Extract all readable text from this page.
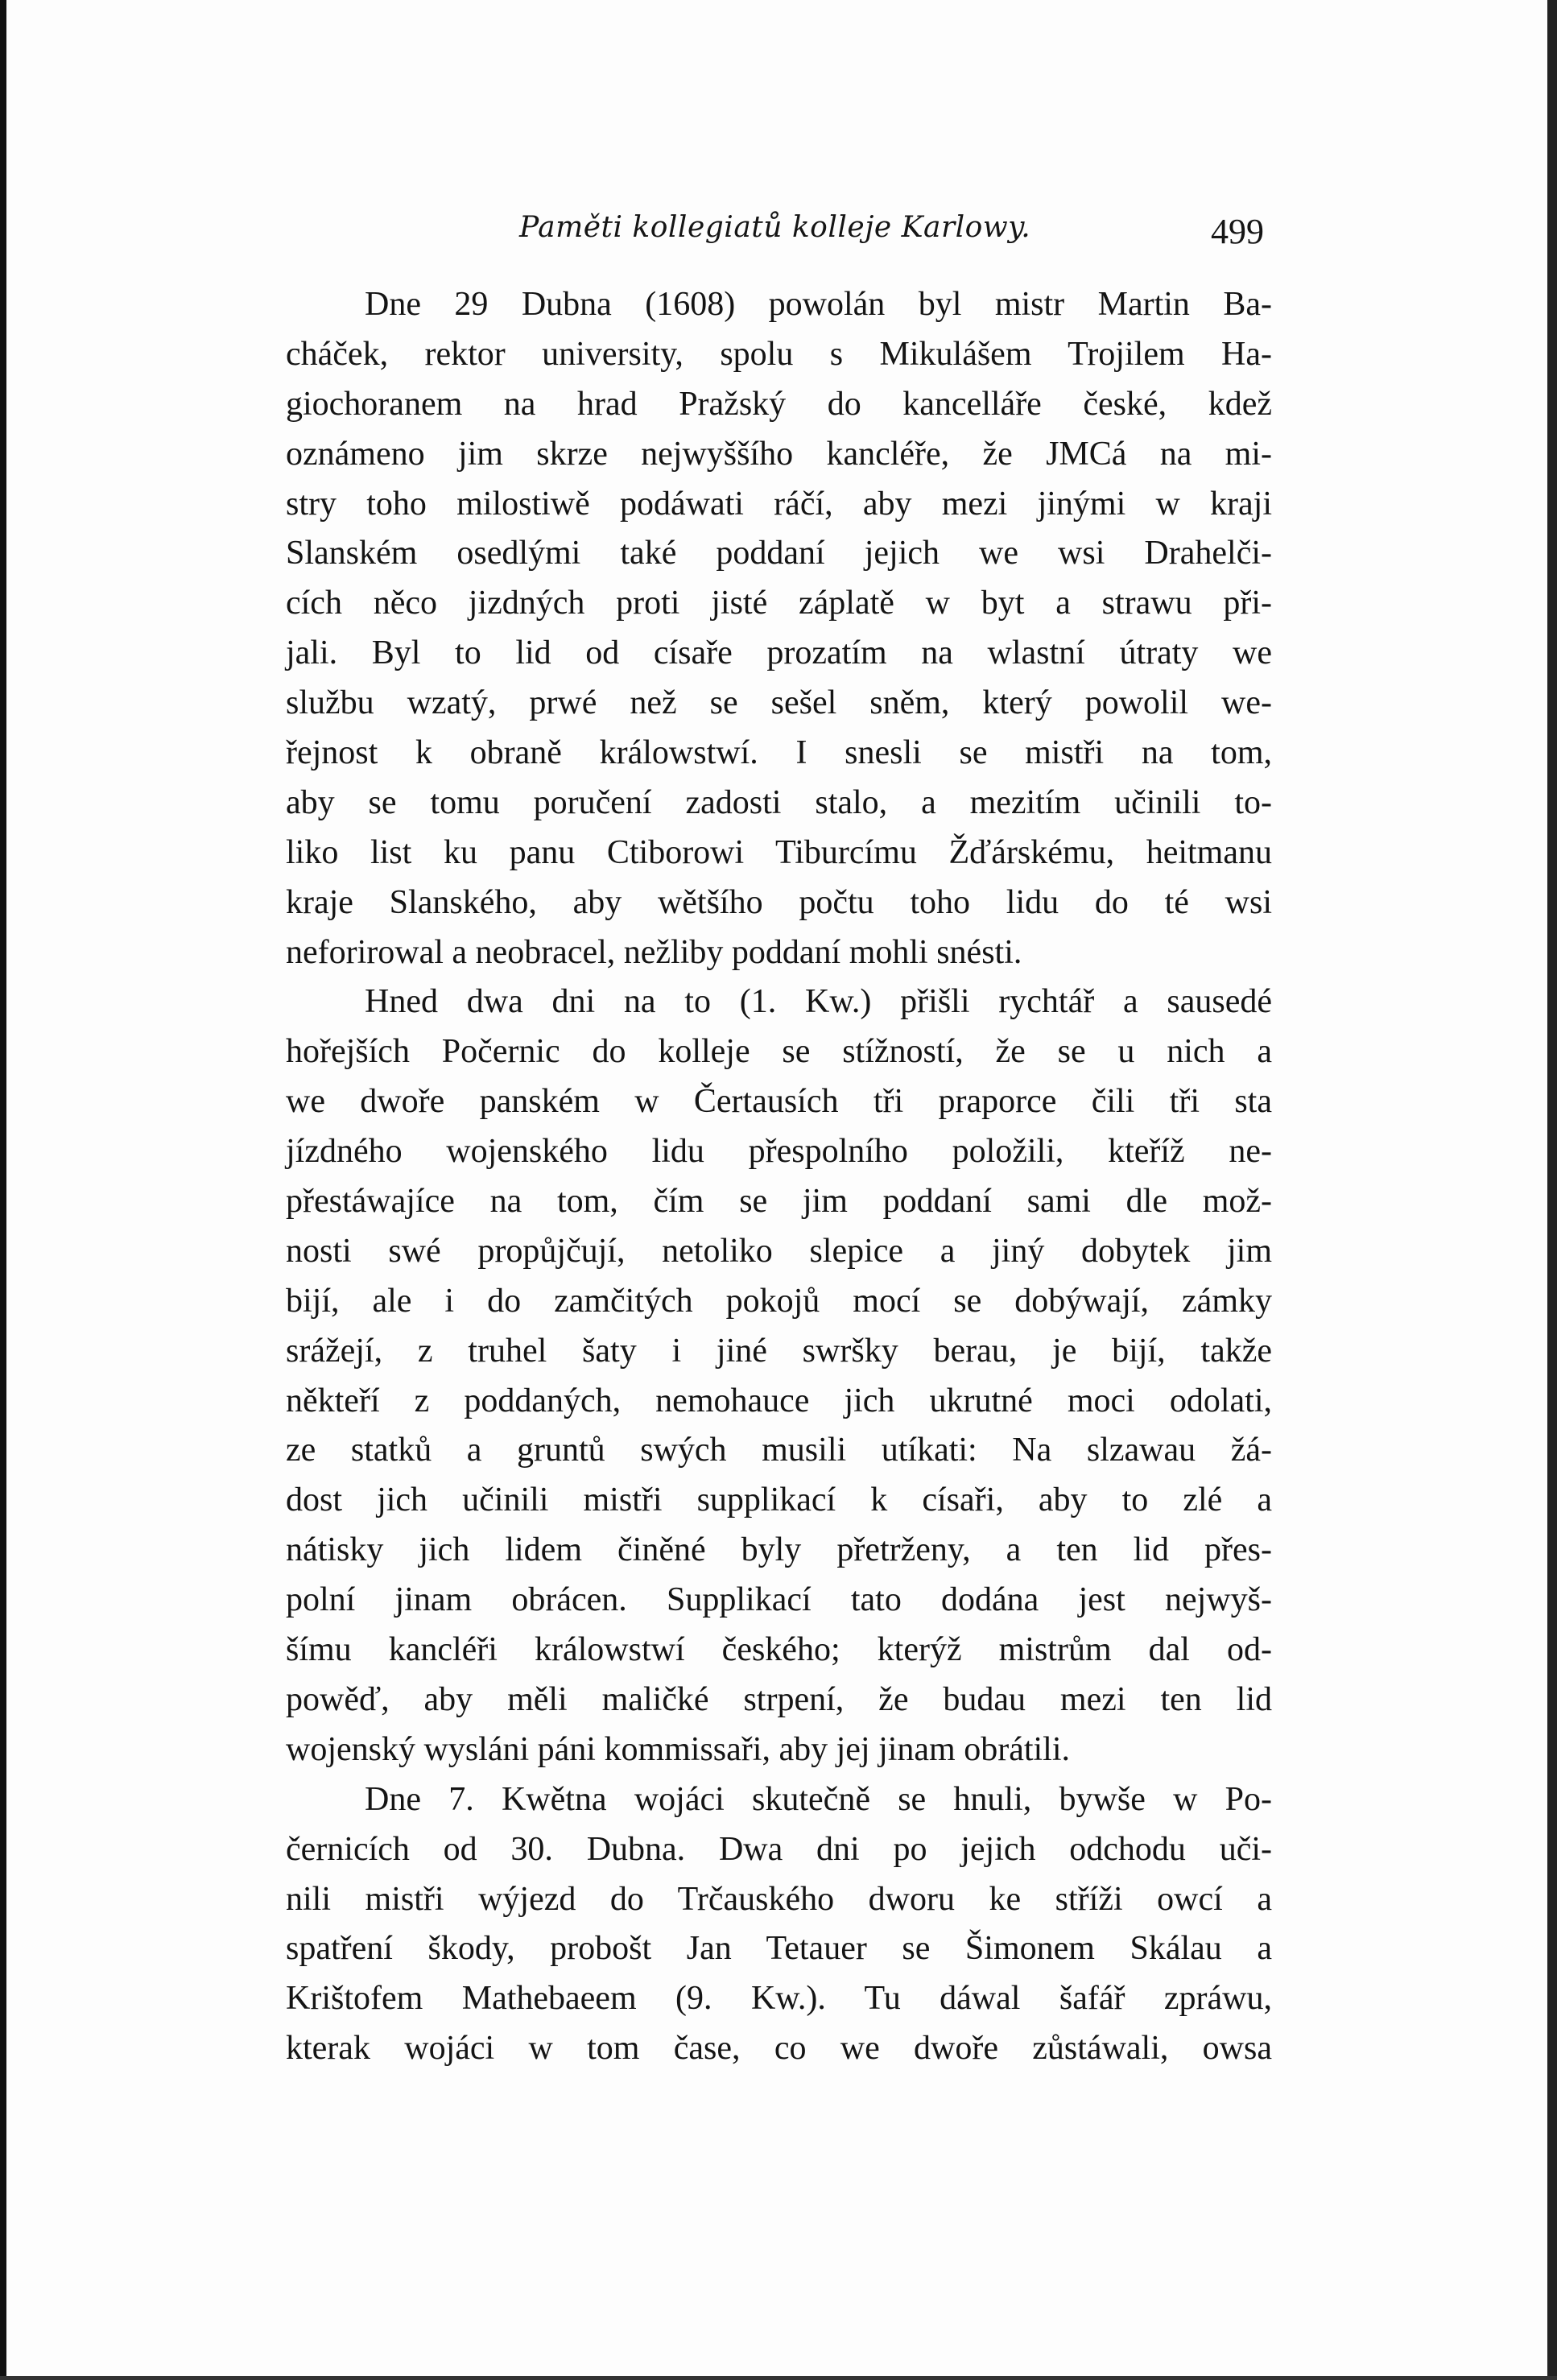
Paměti kollegiatů kolleje Karlowy.	499
Dne 29 Dubna (1608) powolán byl mistr Martin Ba-
cháček, rektor university, spolu s Mikulášem Trojilem Ha-
giochoranem na hrad Pražský do kancelláře české, kdež
oznámeno jim skrze nejwyššího kancléře, že JMCá na mi-
stry toho milostiwě podáwati ráčí, aby mezi jinými w kraji
Slanském osedlými také poddaní jejich we wsi Drahelči-
cích něco jizdných proti jisté záplatě w byt a strawu při-
jali. Byl to lid od císaře prozatím na wlastní útraty we
službu wzatý, prwé než se sešel sněm, který powolil we-
řejnost k obraně králowstwí. I snesli se mistři na tom,
aby se tomu poručení zadosti stalo, a mezitím učinili to-
liko list ku panu Ctiborowi Tiburcímu Žďárskému, heitmanu
kraje Slanského, aby wětšího počtu toho lidu do té wsi
neforirowal a neobracel, nežliby poddaní mohli snésti.
Hned dwa dni na to (1. Kw.) přišli rychtář a sausedé
hořejších Počernic do kolleje se stížností, že se u nich a
we dwoře panském w Čertausích tři praporce čili tři sta
jízdného wojenského lidu přespolního položili, kteříž ne-
přestáwajíce na tom, čím se jim poddaní sami dle mož-
nosti swé propůjčují, netoliko slepice a jiný dobytek jim
bijí, ale i do zamčitých pokojů mocí se dobýwají, zámky
srážejí, z truhel šaty i jiné swršky berau, je bijí, takže
někteří z poddaných, nemohauce jich ukrutné moci odolati,
ze statků a gruntů swých musili utíkati: Na slzawau žá-
dost jich učinili mistři supplikací k císaři, aby to zlé a
nátisky jich lidem činěné byly přetrženy, a ten lid přes-
polní jinam obrácen. Supplikací tato dodána jest nejwyš-
šímu kancléři králowstwí českého; kterýž mistrům dal od-
powěď, aby měli maličké strpení, že budau mezi ten lid
wojenský wysláni páni kommissaři, aby jej jinam obrátili.
Dne 7. Kwětna wojáci skutečně se hnuli, bywše w Po-
černicích od 30. Dubna. Dwa dni po jejich odchodu uči-
nili mistři wýjezd do Trčauského dworu ke stříži owcí a
spatření škody, probošt Jan Tetauer se Šimonem Skálau a
Krištofem Mathebaeem (9. Kw.). Tu dáwal šafář zpráwu,
kterak wojáci w tom čase, co we dwoře zůstáwali, owsa
